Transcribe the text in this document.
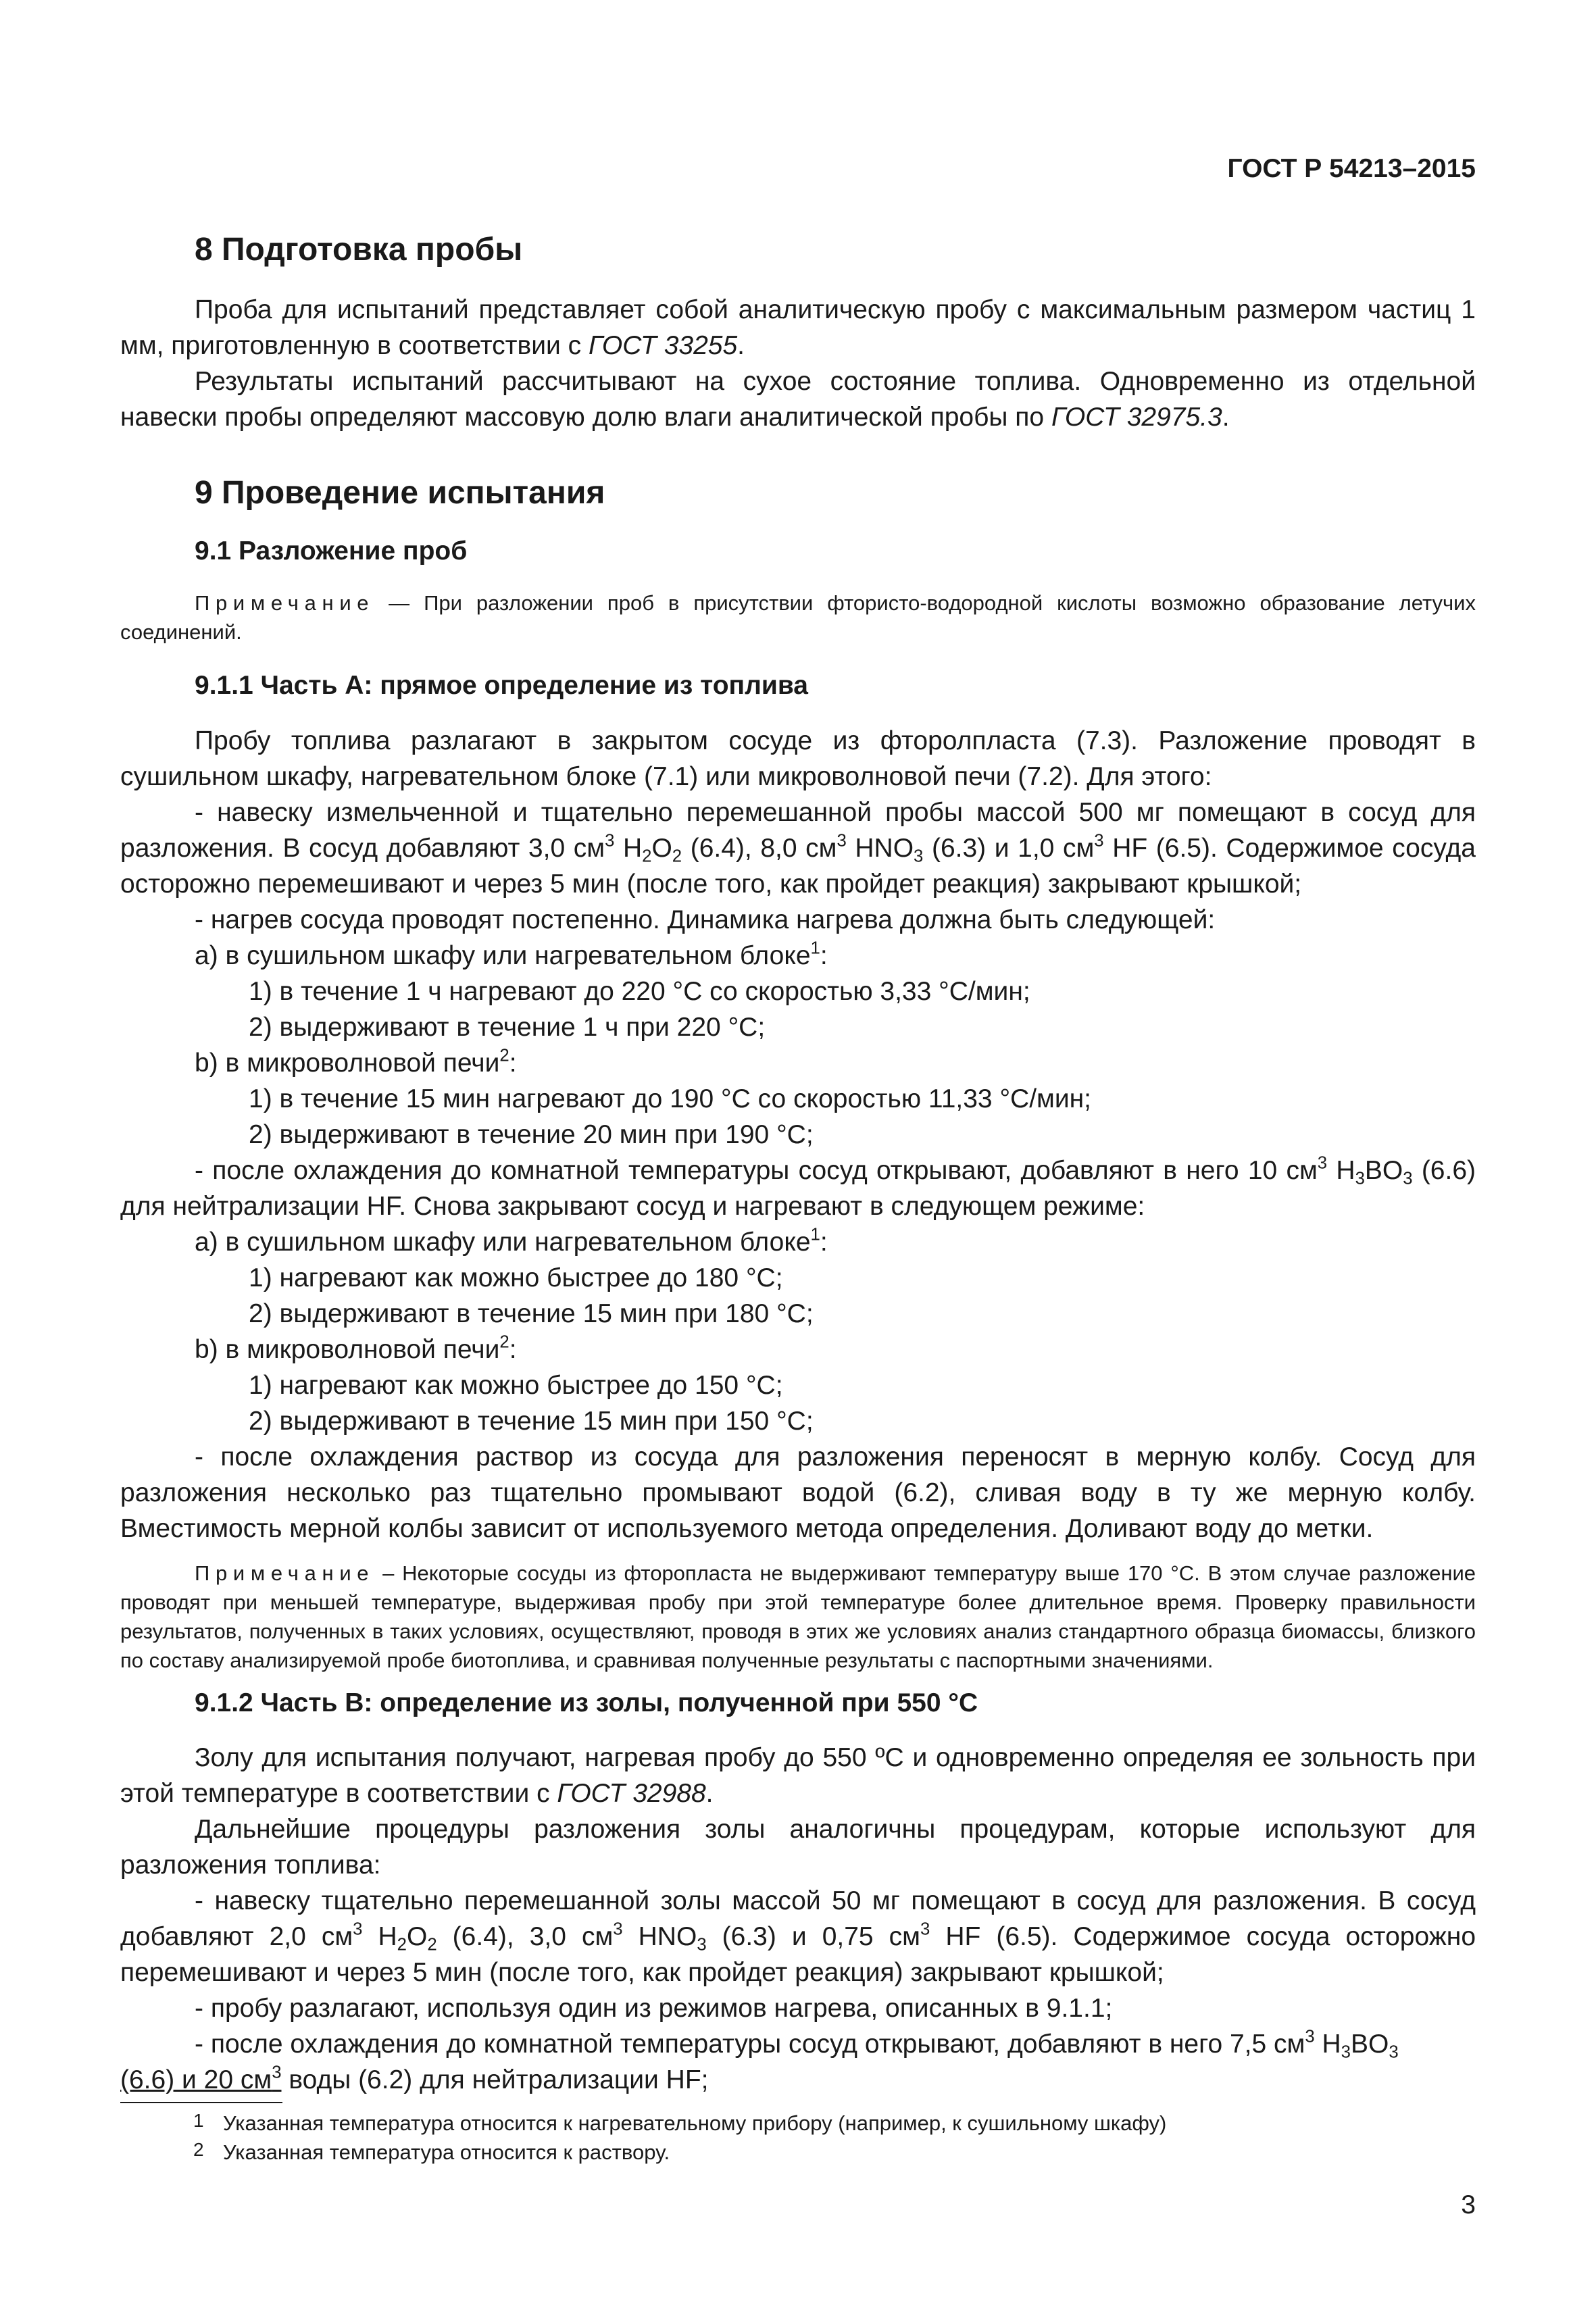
ГОСТ Р 54213–2015
8 Подготовка пробы

Проба для испытаний представляет собой аналитическую пробу с максимальным размером частиц 1 мм, приготовленную в соответствии с ГОСТ 33255.

Результаты испытаний рассчитывают на сухое состояние топлива. Одновременно из отдельной навески пробы определяют массовую долю влаги аналитической пробы по ГОСТ 32975.3.

9 Проведение испытания
9.1 Разложение проб

Примечание — При разложении проб в присутствии фтористо-водородной кислоты возможно образование летучих соединений.

9.1.1 Часть А: прямое определение из топлива

Пробу топлива разлагают в закрытом сосуде из фторолпласта (7.3). Разложение проводят в сушильном шкафу, нагревательном блоке (7.1) или микроволновой печи (7.2). Для этого:

- навеску измельченной и тщательно перемешанной пробы массой 500 мг помещают в сосуд для разложения. В сосуд добавляют 3,0 $см^3$ $H_2O_2$ (6.4), 8,0 $см^3$ $HNO_3$ (6.3) и 1,0 $см^3$ HF (6.5). Содержимое сосуда осторожно перемешивают и через 5 мин (после того, как пройдет реакция) закрывают крышкой;

- нагрев сосуда проводят постепенно. Динамика нагрева должна быть следующей:

а) в сушильном шкафу или нагревательном блоке$^1$:

1) в течение 1 ч нагревают до 220 °С со скоростью 3,33 °С/мин;

2) выдерживают в течение 1 ч при 220 °С;

b) в микроволновой печи$^2$:

1) в течение 15 мин нагревают до 190 °С со скоростью 11,33 °С/мин;

2) выдерживают в течение 20 мин при 190 °С;

- после охлаждения до комнатной температуры сосуд открывают, добавляют в него 10 $см^3$ $H_3BO_3$ (6.6) для нейтрализации HF. Снова закрывают сосуд и нагревают в следующем режиме:

а) в сушильном шкафу или нагревательном блоке$^1$:

1) нагревают как можно быстрее до 180 °С;

2) выдерживают в течение 15 мин при 180 °С;

b) в микроволновой печи$^2$:

1) нагревают как можно быстрее до 150 °С;

2) выдерживают в течение 15 мин при 150 °С;

- после охлаждения раствор из сосуда для разложения переносят в мерную колбу. Сосуд для разложения несколько раз тщательно промывают водой (6.2), сливая воду в ту же мерную колбу. Вместимость мерной колбы зависит от используемого метода определения. Доливают воду до метки.

Примечание – Некоторые сосуды из фторопласта не выдерживают температуру выше 170 °С. В этом случае разложение проводят при меньшей температуре, выдерживая пробу при этой температуре более длительное время. Проверку правильности результатов, полученных в таких условиях, осуществляют, проводя в этих же условиях анализ стандартного образца биомассы, близкого по составу анализируемой пробе биотоплива, и сравнивая полученные результаты с паспортными значениями.

9.1.2 Часть В: определение из золы, полученной при 550 °С

Золу для испытания получают, нагревая пробу до 550 ºС и одновременно определяя ее зольность при этой температуре в соответствии с ГОСТ 32988.

Дальнейшие процедуры разложения золы аналогичны процедурам, которые используют для разложения топлива:

- навеску тщательно перемешанной золы массой 50 мг помещают в сосуд для разложения. В сосуд добавляют 2,0 $см^3$ $H_2O_2$ (6.4), 3,0 $см^3$ $HNO_3$ (6.3) и 0,75 $см^3$ HF (6.5). Содержимое сосуда осторожно перемешивают и через 5 мин (после того, как пройдет реакция) закрывают крышкой;

- пробу разлагают, используя один из режимов нагрева, описанных в 9.1.1;

- после охлаждения до комнатной температуры сосуд открывают, добавляют в него 7,5 $см^3$ $H_3BO_3$
(6.6) и 20 $см^3$ воды (6.2) для нейтрализации HF;

1 Указанная температура относится к нагревательному прибору (например, к сушильному шкафу)

2 Указанная температура относится к раствору.

3
